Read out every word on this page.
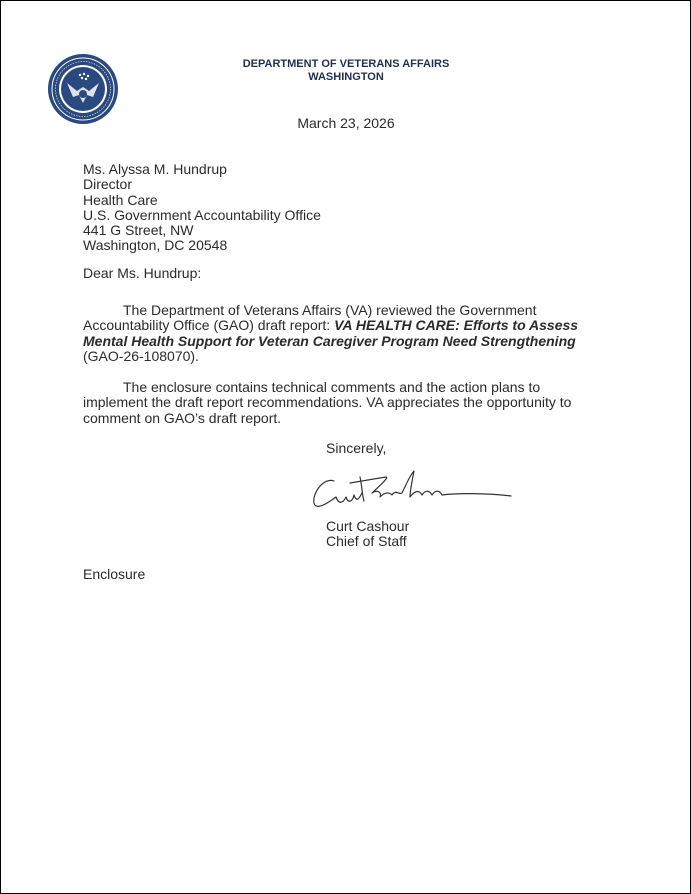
DEPARTMENT OF VETERANS AFFAIRS
WASHINGTON
March 23, 2026
Ms. Alyssa M. Hundrup
Director
Health Care
U.S. Government Accountability Office
441 G Street, NW
Washington, DC 20548
Dear Ms. Hundrup:
The Department of Veterans Affairs (VA) reviewed the Government Accountability Office (GAO) draft report: VA HEALTH CARE: Efforts to Assess Mental Health Support for Veteran Caregiver Program Need Strengthening (GAO-26-108070).
The enclosure contains technical comments and the action plans to implement the draft report recommendations. VA appreciates the opportunity to comment on GAO’s draft report.
Sincerely,
Curt Cashour
Chief of Staff
Enclosure
